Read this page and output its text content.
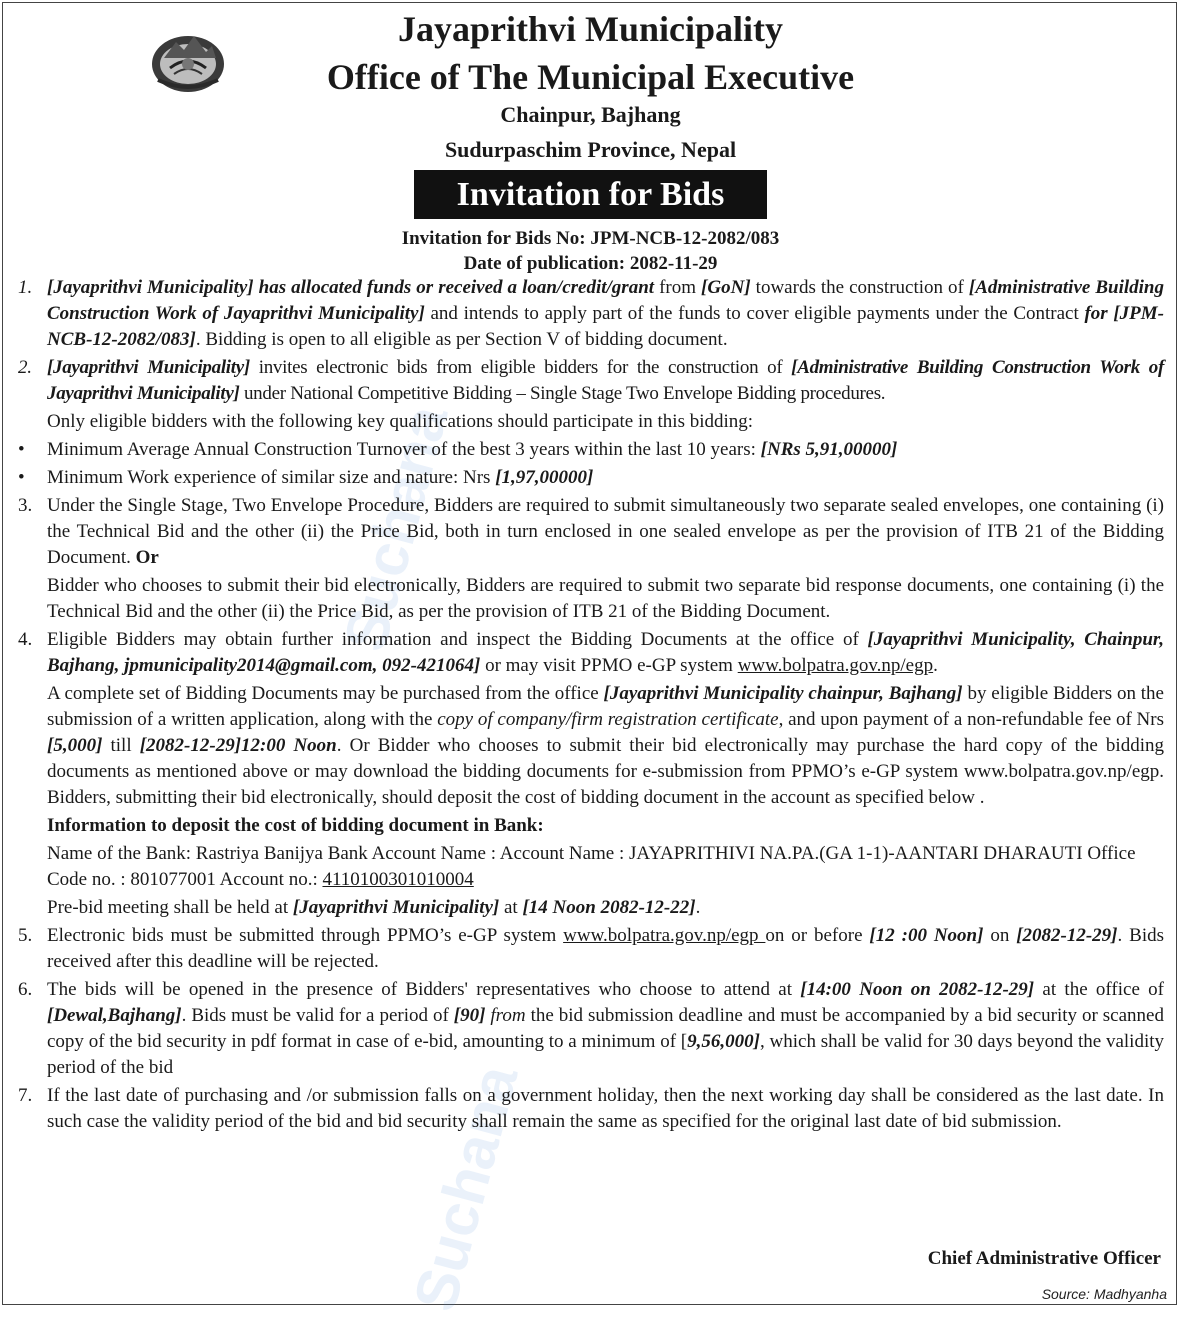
Suchana
Suchana
Jayaprithvi Municipality
Office of The Municipal Executive
Chainpur, Bajhang
Sudurpaschim Province, Nepal
Invitation for Bids
Invitation for Bids No: JPM-NCB-12-2082/083
Date of publication: 2082-11-29
1. [Jayaprithvi Municipality] has allocated funds or received a loan/credit/grant from [GoN] towards the construction of [Administrative Building Construction Work of Jayaprithvi Municipality] and intends to apply part of the funds to cover eligible payments under the Contract for [JPM-NCB-12-2082/083]. Bidding is open to all eligible as per Section V of bidding document.
2. [Jayaprithvi Municipality] invites electronic bids from eligible bidders for the construction of [Administrative Building Construction Work of Jayaprithvi Municipality] under National Competitive Bidding – Single Stage Two Envelope Bidding procedures.
Only eligible bidders with the following key qualifications should participate in this bidding:
• Minimum Average Annual Construction Turnover of the best 3 years within the last 10 years: [NRs 5,91,00000]
• Minimum Work experience of similar size and nature: Nrs [1,97,00000]
3. Under the Single Stage, Two Envelope Procedure, Bidders are required to submit simultaneously two separate sealed envelopes, one containing (i) the Technical Bid and the other (ii) the Price Bid, both in turn enclosed in one sealed envelope as per the provision of ITB 21 of the Bidding Document. Or
Bidder who chooses to submit their bid electronically, Bidders are required to submit two separate bid response documents, one containing (i) the Technical Bid and the other (ii) the Price Bid, as per the provision of ITB 21 of the Bidding Document.
4. Eligible Bidders may obtain further information and inspect the Bidding Documents at the office of [Jayaprithvi Municipality, Chainpur, Bajhang, jpmunicipality2014@gmail.com, 092-421064] or may visit PPMO e-GP system www.bolpatra.gov.np/egp.
A complete set of Bidding Documents may be purchased from the office [Jayaprithvi Municipality chainpur, Bajhang] by eligible Bidders on the submission of a written application, along with the copy of company/firm registration certificate, and upon payment of a non-refundable fee of Nrs [5,000] till [2082-12-29]12:00 Noon. Or Bidder who chooses to submit their bid electronically may purchase the hard copy of the bidding documents as mentioned above or may download the bidding documents for e-submission from PPMO’s e-GP system www.bolpatra.gov.np/egp. Bidders, submitting their bid electronically, should deposit the cost of bidding document in the account as specified below .
Information to deposit the cost of bidding document in Bank:
Name of the Bank: Rastriya Banijya Bank Account Name : Account Name : JAYAPRITHIVI NA.PA.(GA 1-1)-AANTARI DHARAUTI Office Code no. : 801077001 Account no.: 4110100301010004
Pre-bid meeting shall be held at [Jayaprithvi Municipality] at [14 Noon 2082-12-22].
5. Electronic bids must be submitted through PPMO’s e-GP system www.bolpatra.gov.np/egp on or before [12 :00 Noon] on [2082-12-29]. Bids received after this deadline will be rejected.
6. The bids will be opened in the presence of Bidders' representatives who choose to attend at [14:00 Noon on 2082-12-29] at the office of [Dewal,Bajhang]. Bids must be valid for a period of [90] from the bid submission deadline and must be accompanied by a bid security or scanned copy of the bid security in pdf format in case of e-bid, amounting to a minimum of [9,56,000], which shall be valid for 30 days beyond the validity period of the bid
7. If the last date of purchasing and /or submission falls on a government holiday, then the next working day shall be considered as the last date. In such case the validity period of the bid and bid security shall remain the same as specified for the original last date of bid submission.
Chief Administrative Officer
Source: Madhyanha
